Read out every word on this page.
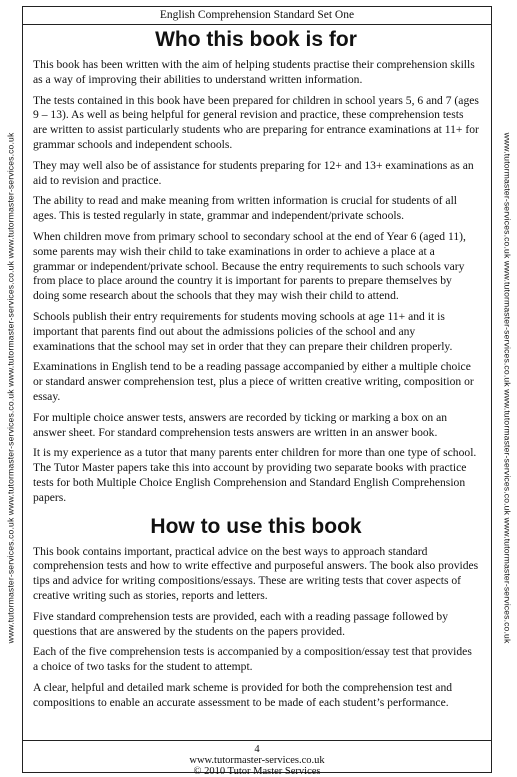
www.tutormaster-services.co.uk www.tutormaster-services.co.uk www.tutormaster-services.co.uk www.tutormaster-services.co.uk	www.tutormaster-services.co.uk www.tutormaster-services.co.uk www.tutormaster-services.co.uk www.tutormaster-services.co.uk
English Comprehension Standard Set One
Who this book is for

This book has been written with the aim of helping students practise their comprehension skills as a way of improving their abilities to understand written information.

The tests contained in this book have been prepared for children in school years 5, 6 and 7 (ages 9 – 13). As well as being helpful for general revision and practice, these comprehension tests are written to assist particularly students who are preparing for entrance examinations at 11+ for grammar schools and independent schools.

They may well also be of assistance for students preparing for 12+ and 13+ examinations as an aid to revision and practice.

The ability to read and make meaning from written information is crucial for students of all ages. This is tested regularly in state, grammar and independent/private schools.

When children move from primary school to secondary school at the end of Year 6 (aged 11), some parents may wish their child to take examinations in order to achieve a place at a grammar or independent/private school. Because the entry requirements to such schools vary from place to place around the country it is important for parents to prepare themselves by doing some research about the schools that they may wish their child to attend.

Schools publish their entry requirements for students moving schools at age 11+ and it is important that parents find out about the admissions policies of the school and any examinations that the school may set in order that they can prepare their children properly.

Examinations in English tend to be a reading passage accompanied by either a multiple choice or standard answer comprehension test, plus a piece of written creative writing, composition or essay.

For multiple choice answer tests, answers are recorded by ticking or marking a box on an answer sheet. For standard comprehension tests answers are written in an answer book.

It is my experience as a tutor that many parents enter children for more than one type of school. The Tutor Master papers take this into account by providing two separate books with practice tests for both Multiple Choice English Comprehension and Standard English Comprehension papers.

How to use this book

This book contains important, practical advice on the best ways to approach standard comprehension tests and how to write effective and purposeful answers. The book also provides tips and advice for writing compositions/essays. These are writing tests that cover aspects of creative writing such as stories, reports and letters.

Five standard comprehension tests are provided, each with a reading passage followed by questions that are answered by the students on the papers provided.

Each of the five comprehension tests is accompanied by a composition/essay test that provides a choice of two tasks for the student to attempt.

A clear, helpful and detailed mark scheme is provided for both the comprehension test and compositions to enable an accurate assessment to be made of each student’s performance.

4
www.tutormaster-services.co.uk
© 2010 Tutor Master Services
